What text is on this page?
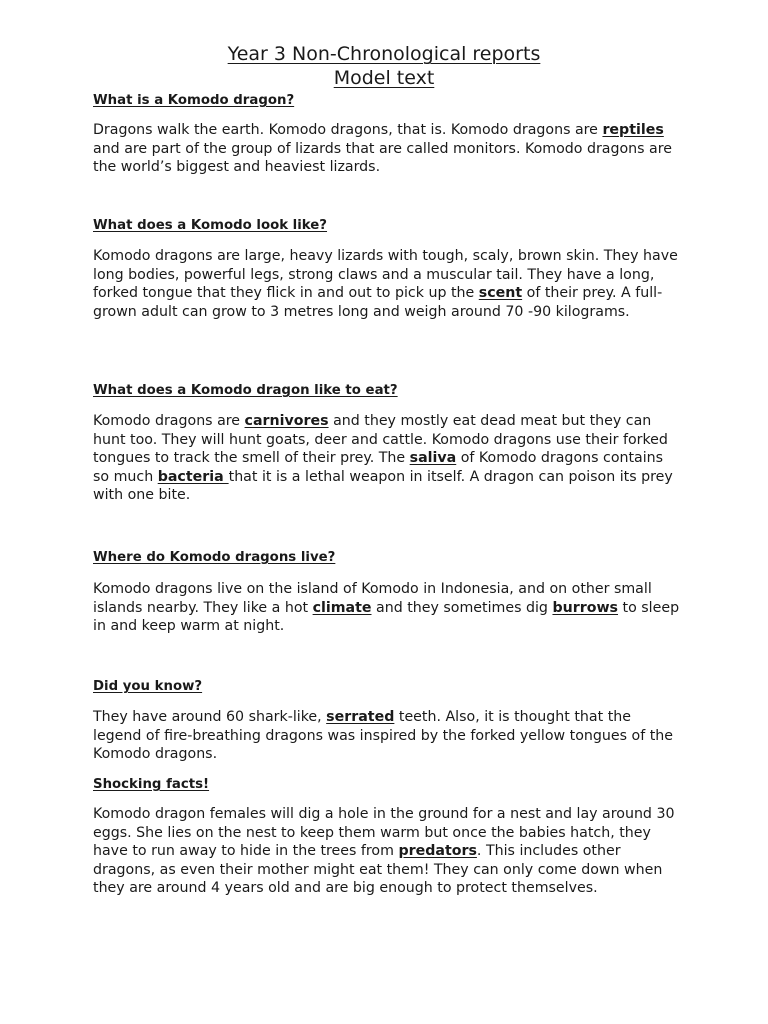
Year 3 Non-Chronological reports
Model text
What is a Komodo dragon?

Dragons walk the earth. Komodo dragons, that is. Komodo dragons are reptiles and are part of the group of lizards that are called monitors. Komodo dragons are the world’s biggest and heaviest lizards.

What does a Komodo look like?

Komodo dragons are large, heavy lizards with tough, scaly, brown skin. They have long bodies, powerful legs, strong claws and a muscular tail. They have a long, forked tongue that they flick in and out to pick up the scent of their prey. A full-grown adult can grow to 3 metres long and weigh around 70 -90 kilograms.

What does a Komodo dragon like to eat?

Komodo dragons are carnivores and they mostly eat dead meat but they can hunt too. They will hunt goats, deer and cattle. Komodo dragons use their forked tongues to track the smell of their prey. The saliva of Komodo dragons contains so much bacteria that it is a lethal weapon in itself. A dragon can poison its prey with one bite.

Where do Komodo dragons live?

Komodo dragons live on the island of Komodo in Indonesia, and on other small islands nearby. They like a hot climate and they sometimes dig burrows to sleep in and keep warm at night.

Did you know?

They have around 60 shark-like, serrated teeth. Also, it is thought that the legend of fire-breathing dragons was inspired by the forked yellow tongues of the Komodo dragons.

Shocking facts!

Komodo dragon females will dig a hole in the ground for a nest and lay around 30 eggs. She lies on the nest to keep them warm but once the babies hatch, they have to run away to hide in the trees from predators. This includes other dragons, as even their mother might eat them! They can only come down when they are around 4 years old and are big enough to protect themselves.
